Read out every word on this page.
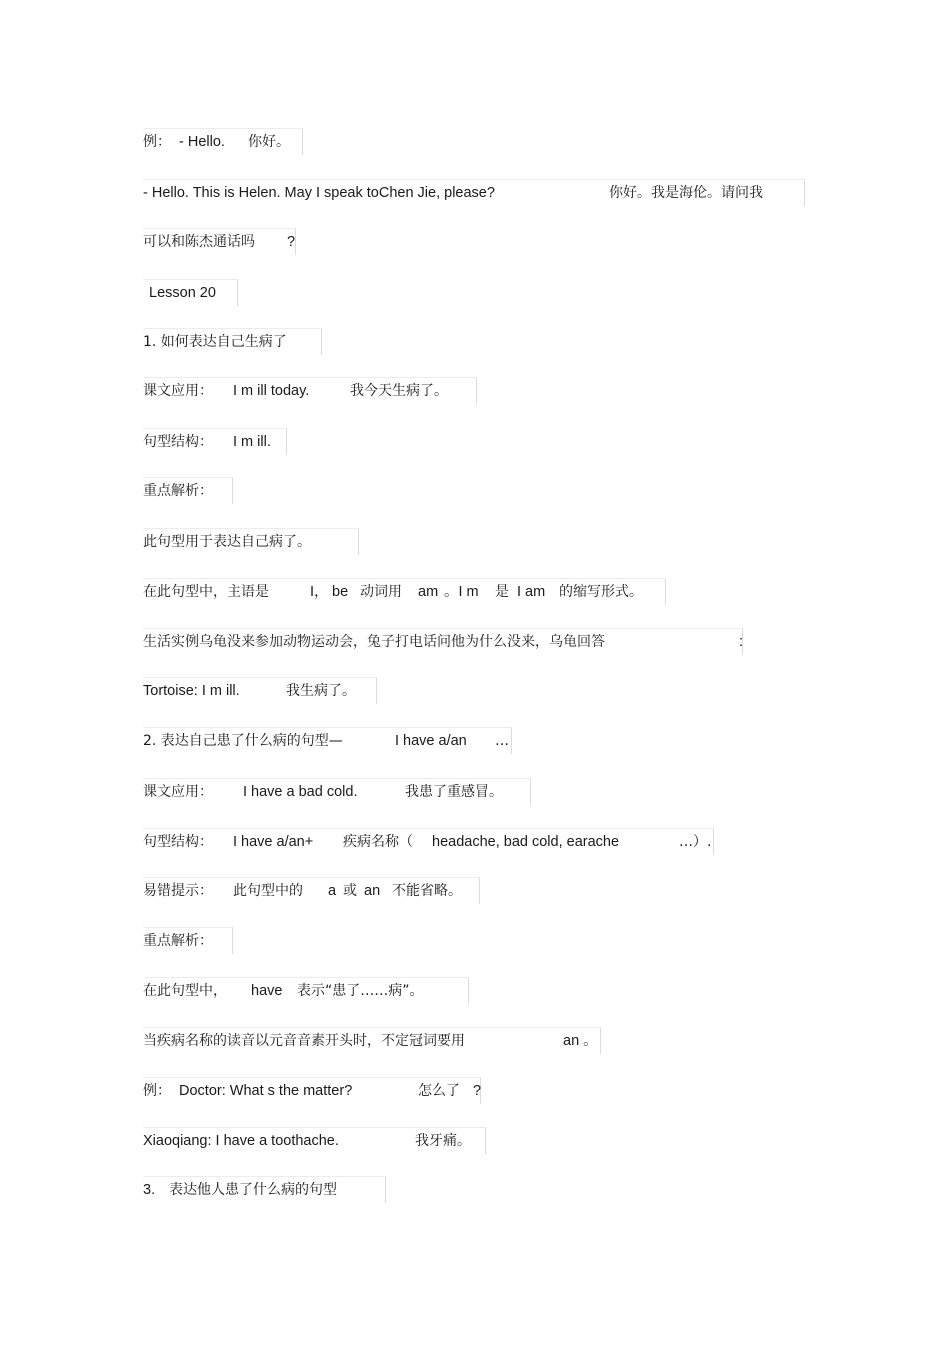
例： - Hello. 你好。
- Hello. This is Helen. May I speak toChen Jie, please?	你好。我是海伦。请问我
可以和陈杰通话吗 ?
Lesson 20
1. 如何表达自己生病了
课文应用： I m ill today.	我今天生病了。
句型结构： I m ill.
重点解析：
此句型用于表达自己病了。
在此句型中，主语是	I， be 动词用 am 。I m 是 I am 的缩写形式。
生活实例乌龟没来参加动物运动会，兔子打电话问他为什么没来，乌龟回答	:
Tortoise: I m ill.	我生病了。
2. 表达自己患了什么病的句型—	I have a/an …
课文应用： I have a bad cold.	我患了重感冒。
句型结构： I have a/an+ 疾病名称（ headache, bad cold, earache	…）.
易错提示： 此句型中的 a 或 an 不能省略。
重点解析：
在此句型中， have 表示“患了……病”。
当疾病名称的读音以元音音素开头时，不定冠词要用	an 。
例： Doctor: What s the matter?	怎么了 ?
Xiaoqiang: I have a toothache.	我牙痛。
3. 表达他人患了什么病的句型
